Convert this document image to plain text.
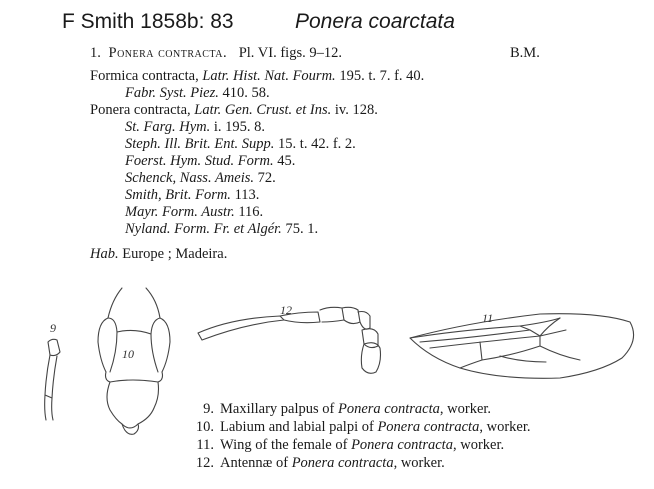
F Smith 1858b: 83	Ponera coarctata
1. Ponera contracta. Pl. VI. figs. 9–12.	B.M.
Formica contracta, Latr. Hist. Nat. Fourm. 195. t. 7. f. 40.
Fabr. Syst. Piez. 410. 58.
Ponera contracta, Latr. Gen. Crust. et Ins. iv. 128.
St. Farg. Hym. i. 195. 8.
Steph. Ill. Brit. Ent. Supp. 15. t. 42. f. 2.
Foerst. Hym. Stud. Form. 45.
Schenck, Nass. Ameis. 72.
Smith, Brit. Form. 113.
Mayr. Form. Austr. 116.
Nyland. Form. Fr. et Algér. 75. 1.
Hab. Europe ; Madeira.
9
10
12
11
9. Maxillary palpus of Ponera contracta, worker.
10. Labium and labial palpi of Ponera contracta, worker.
11. Wing of the female of Ponera contracta, worker.
12. Antennæ of Ponera contracta, worker.
